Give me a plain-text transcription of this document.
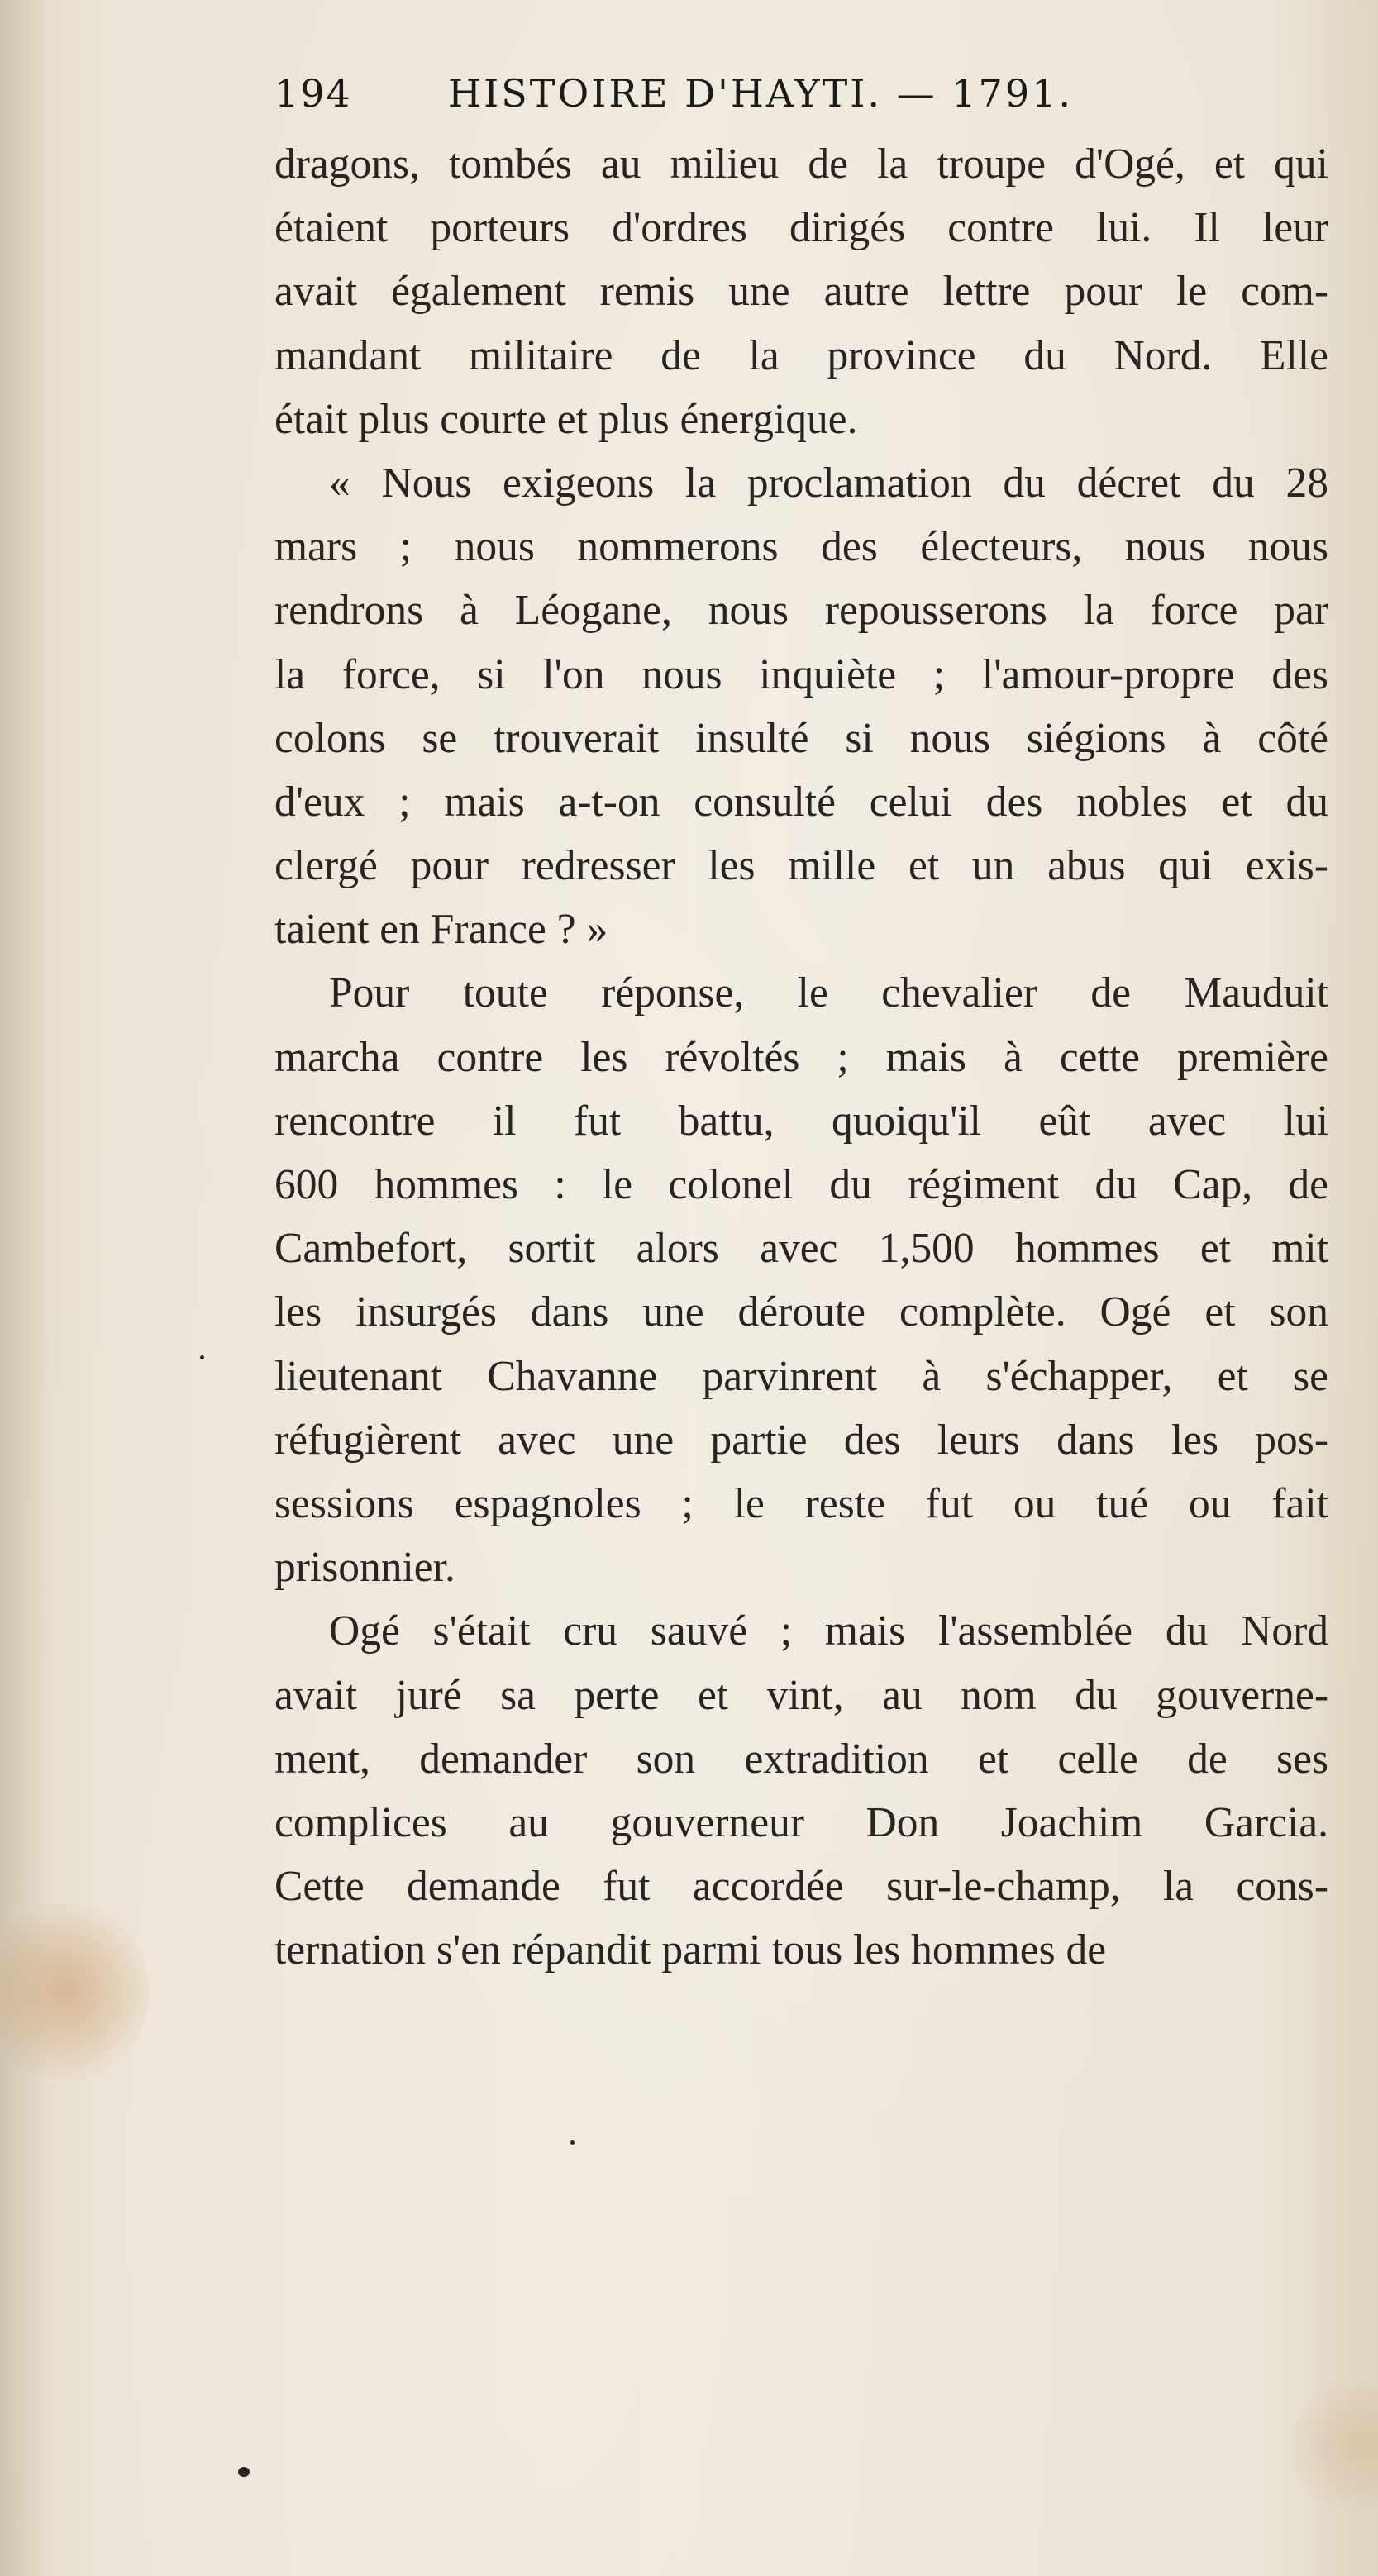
194	HISTOIRE D'HAYTI. — 1791.
dragons, tombés au milieu de la troupe d'Ogé, et qui
étaient porteurs d'ordres dirigés contre lui. Il leur
avait également remis une autre lettre pour le com-
mandant militaire de la province du Nord. Elle
était plus courte et plus énergique.
« Nous exigeons la proclamation du décret du 28
mars ; nous nommerons des électeurs, nous nous
rendrons à Léogane, nous repousserons la force par
la force, si l'on nous inquiète ; l'amour-propre des
colons se trouverait insulté si nous siégions à côté
d'eux ; mais a-t-on consulté celui des nobles et du
clergé pour redresser les mille et un abus qui exis-
taient en France ? »
Pour toute réponse, le chevalier de Mauduit
marcha contre les révoltés ; mais à cette première
rencontre il fut battu, quoiqu'il eût avec lui
600 hommes : le colonel du régiment du Cap, de
Cambefort, sortit alors avec 1,500 hommes et mit
les insurgés dans une déroute complète. Ogé et son
lieutenant Chavanne parvinrent à s'échapper, et se
réfugièrent avec une partie des leurs dans les pos-
sessions espagnoles ; le reste fut ou tué ou fait
prisonnier.
Ogé s'était cru sauvé ; mais l'assemblée du Nord
avait juré sa perte et vint, au nom du gouverne-
ment, demander son extradition et celle de ses
complices au gouverneur Don Joachim Garcia.
Cette demande fut accordée sur-le-champ, la cons-
ternation s'en répandit parmi tous les hommes de
